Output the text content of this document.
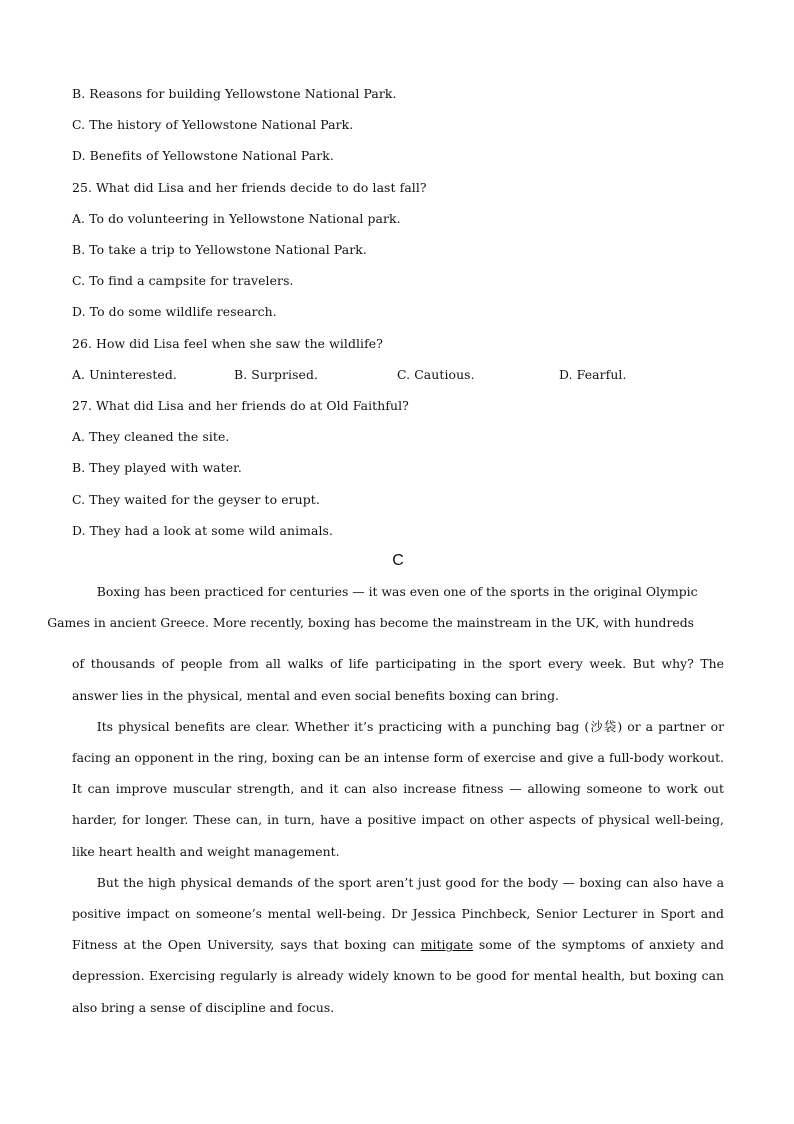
B. Reasons for building Yellowstone National Park.
C. The history of Yellowstone National Park.
D. Benefits of Yellowstone National Park.
25. What did Lisa and her friends decide to do last fall?
A. To do volunteering in Yellowstone National park.
B. To take a trip to Yellowstone National Park.
C. To find a campsite for travelers.
D. To do some wildlife research.
26. How did Lisa feel when she saw the wildlife?
A. Uninterested.	B. Surprised.	C. Cautious.	D. Fearful.
27. What did Lisa and her friends do at Old Faithful?
A. They cleaned the site.
B. They played with water.
C. They waited for the geyser to erupt.
D. They had a look at some wild animals.
C

Boxing has been practiced for centuries — it was even one of the sports in the original Olympic
Games in ancient Greece. More recently, boxing has become the mainstream in the UK, with hundreds

of thousands of people from all walks of life participating in the sport every week. But why? The answer lies in the physical, mental and even social benefits boxing can bring.

Its physical benefits are clear. Whether it’s practicing with a punching bag (沙袋) or a partner or facing an opponent in the ring, boxing can be an intense form of exercise and give a full-body workout. It can improve muscular strength, and it can also increase fitness — allowing someone to work out harder, for longer. These can, in turn, have a positive impact on other aspects of physical well-being, like heart health and weight management.

But the high physical demands of the sport aren’t just good for the body — boxing can also have a positive impact on someone’s mental well-being. Dr Jessica Pinchbeck, Senior Lecturer in Sport and Fitness at the Open University, says that boxing can mitigate some of the symptoms of anxiety and depression. Exercising regularly is already widely known to be good for mental health, but boxing can also bring a sense of discipline and focus.
